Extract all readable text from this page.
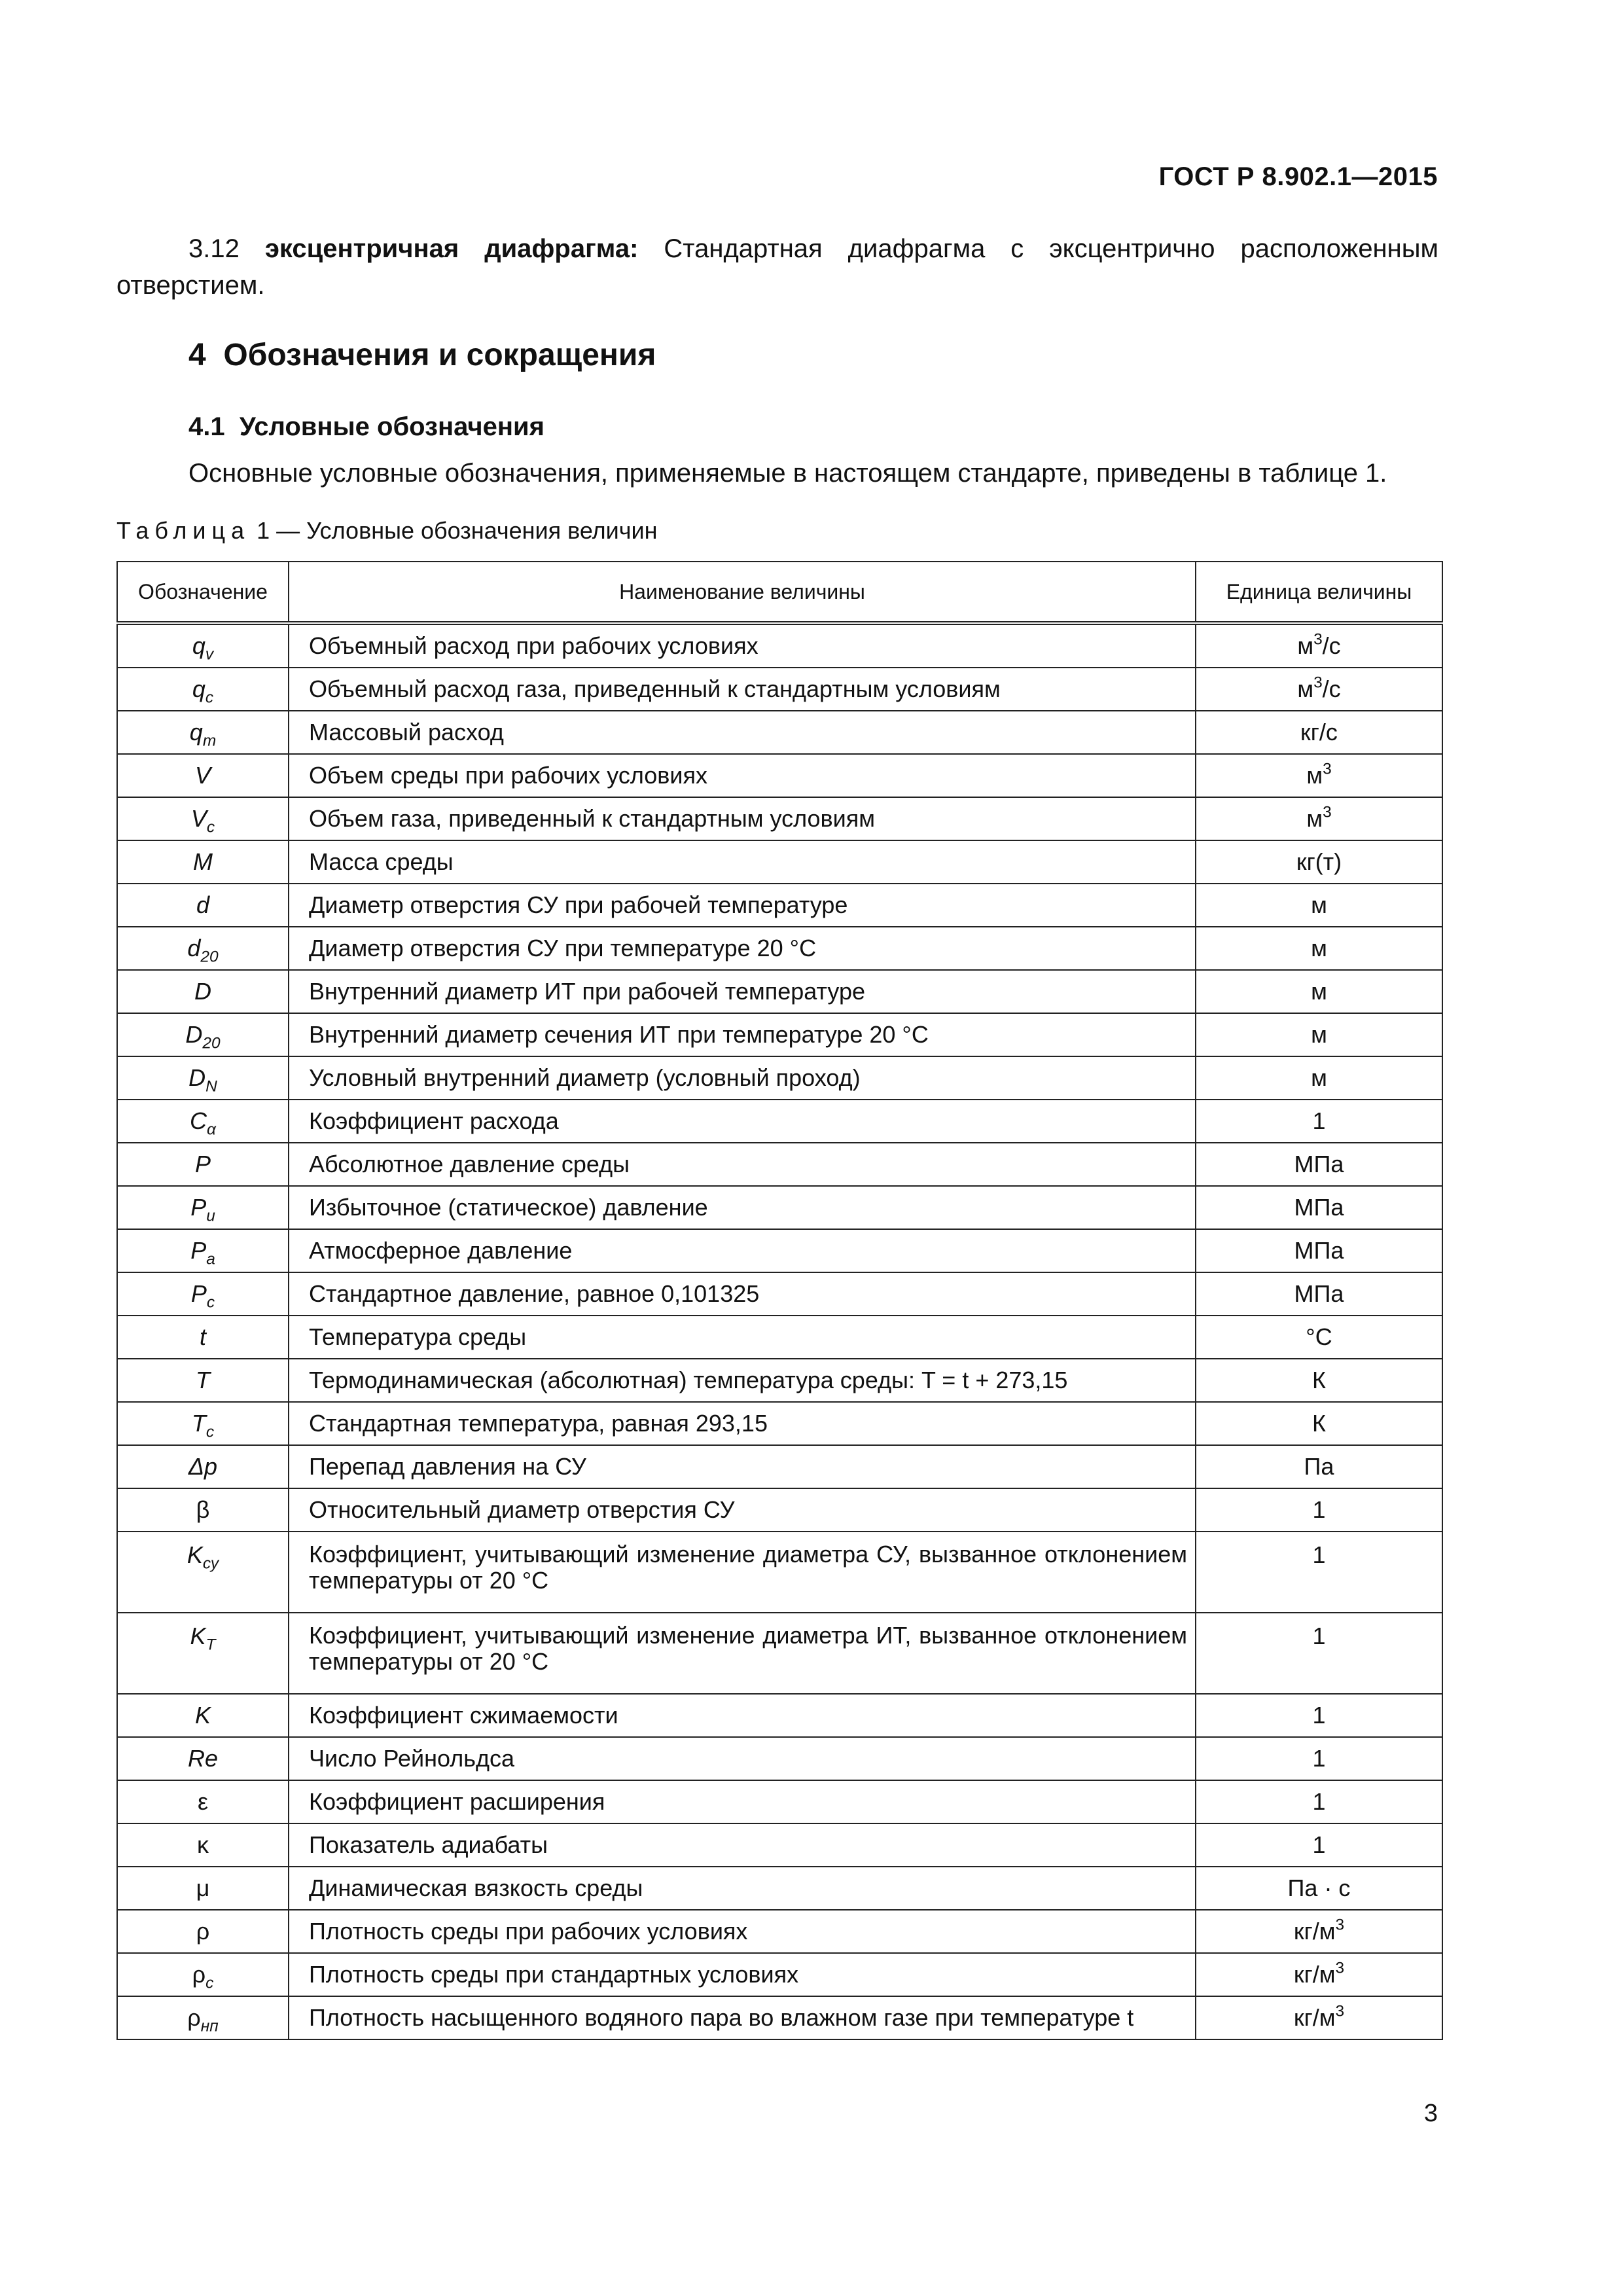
ГОСТ Р 8.902.1—2015
3.12 эксцентричная диафрагма: Стандартная диафрагма с эксцентрично расположенным отверстием.
4  Обозначения и сокращения
4.1  Условные обозначения
Основные условные обозначения, применяемые в настоящем стандарте, приведены в таблице 1.
Таблица 1 — Условные обозначения величин
Обозначение	Наименование величины	Единица величины
$q_v$	Объемный расход при рабочих условиях	$м^3/с$
$q_c$	Объемный расход газа, приведенный к стандартным условиям	$м^3/с$
$q_m$	Массовый расход	кг/с
V	Объем среды при рабочих условиях	$м^3$
$V_c$	Объем газа, приведенный к стандартным условиям	$м^3$
M	Масса среды	кг(т)
d	Диаметр отверстия СУ при рабочей температуре	м
$d_{20}$	Диаметр отверстия СУ при температуре 20 °С	м
D	Внутренний диаметр ИТ при рабочей температуре	м
$D_{20}$	Внутренний диаметр сечения ИТ при температуре 20 °С	м
$D_N$	Условный внутренний диаметр (условный проход)	м
$C_\alpha$	Коэффициент расхода	1
P	Абсолютное давление среды	МПа
$P_u$	Избыточное (статическое) давление	МПа
$P_a$	Атмосферное давление	МПа
$P_c$	Стандартное давление, равное 0,101325	МПа
t	Температура среды	°С
T	Термодинамическая (абсолютная) температура среды: T = t + 273,15	К
$T_c$	Стандартная температура, равная 293,15	К
Δp	Перепад давления на СУ	Па
β	Относительный диаметр отверстия СУ	1
$K_{су}$	Коэффициент, учитывающий изменение диаметра СУ, вызванное отклонением температуры от 20 °С	1
$K_T$	Коэффициент, учитывающий изменение диаметра ИТ, вызванное отклонением температуры от 20 °С	1
K	Коэффициент сжимаемости	1
Re	Число Рейнольдса	1
ε	Коэффициент расширения	1
κ	Показатель адиабаты	1
μ	Динамическая вязкость среды	Па · с
ρ	Плотность среды при рабочих условиях	$кг/м^3$
$\rho_c$	Плотность среды при стандартных условиях	$кг/м^3$
$\rho_{нп}$	Плотность насыщенного водяного пара во влажном газе при температуре t	$кг/м^3$
3
